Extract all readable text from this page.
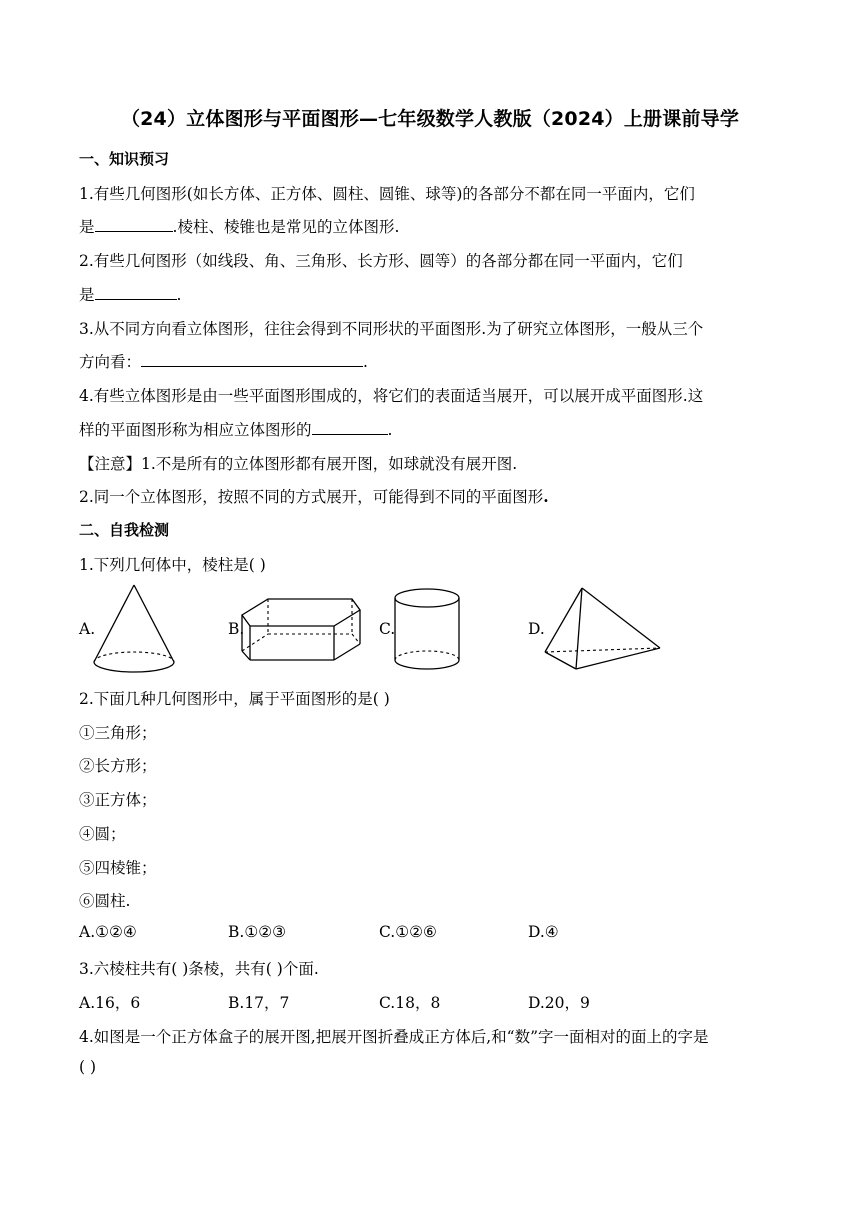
（24）立体图形与平面图形—七年级数学人教版（2024）上册课前导学
一、知识预习
1.有些几何图形(如长方体、正方体、圆柱、圆锥、球等)的各部分不都在同一平面内，它们
是	.棱柱、棱锥也是常见的立体图形.
2.有些几何图形（如线段、角、三角形、长方形、圆等）的各部分都在同一平面内，它们
是	.
3.从不同方向看立体图形，往往会得到不同形状的平面图形.为了研究立体图形，一般从三个
方向看：	.
4.有些立体图形是由一些平面图形围成的，将它们的表面适当展开，可以展开成平面图形.这
样的平面图形称为相应立体图形的	.
【注意】1.不是所有的立体图形都有展开图，如球就没有展开图.
2.同一个立体图形，按照不同的方式展开，可能得到不同的平面图形.
二、自我检测
1.下列几何体中，棱柱是( )
A.	B.	C.	D.
2.下面几种几何图形中，属于平面图形的是( )
①三角形；
②长方形；
③正方体；
④圆；
⑤四棱锥；
⑥圆柱.
A.①②④	B.①②③	C.①②⑥	D.④
3.六棱柱共有( )条棱，共有( )个面.
A.16，6	B.17，7	C.18，8	D.20，9
4.如图是一个正方体盒子的展开图,把展开图折叠成正方体后,和“数”字一面相对的面上的字是
( )
